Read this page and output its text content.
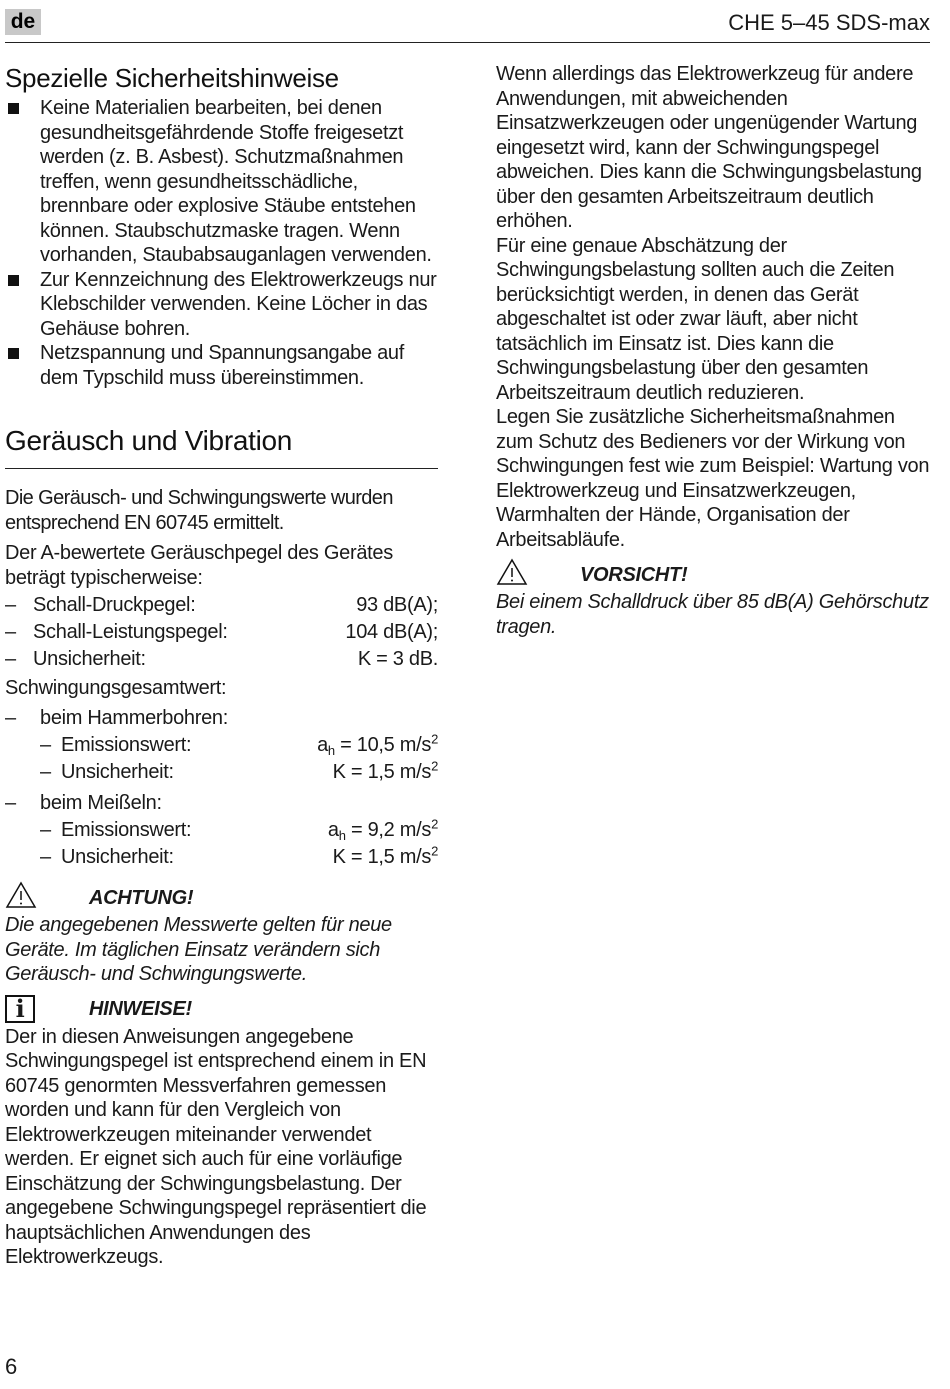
de	CHE 5–45 SDS-max
Spezielle Sicherheitshinweise
Keine Materialien bearbeiten, bei denen gesundheitsgefährdende Stoffe freigesetzt werden (z. B. Asbest). Schutzmaßnahmen treffen, wenn gesundheitsschädliche, brennbare oder explosive Stäube entstehen können. Staubschutzmaske tragen. Wenn vorhanden, Staubabsauganlagen verwenden.
Zur Kennzeichnung des Elektrowerkzeugs nur Klebschilder verwenden. Keine Löcher in das Gehäuse bohren.
Netzspannung und Spannungsangabe auf dem Typschild muss übereinstimmen.
Geräusch und Vibration

Die Geräusch- und Schwingungswerte wurden entsprechend EN 60745 ermittelt.

Der A-bewertete Geräuschpegel des Gerätes beträgt typischerweise:

– Schall-Druckpegel:	93 dB(A);
– Schall-Leistungspegel:	104 dB(A);
– Unsicherheit:	K = 3 dB.
Schwingungsgesamtwert:
–	beim Hammerbohren:
– Emissionswert:	$a_h = 10,5$ $m/s^2$
– Unsicherheit:	K = 1,5 $m/s^2$
–	beim Meißeln:
– Emissionswert:	$a_h = 9,2$ $m/s^2$
– Unsicherheit:	K = 1,5 $m/s^2$
ACHTUNG!

Die angegebenen Messwerte gelten für neue Geräte. Im täglichen Einsatz verändern sich Geräusch- und Schwingungswerte.

i	HINWEISE!

Der in diesen Anweisungen angegebene Schwingungspegel ist entsprechend einem in EN 60745 genormten Messverfahren gemessen worden und kann für den Vergleich von Elektrowerkzeugen miteinander verwendet werden. Er eignet sich auch für eine vorläufige Einschätzung der Schwingungsbelastung. Der angegebene Schwingungspegel repräsentiert die hauptsächlichen Anwendungen des Elektrowerkzeugs.

Wenn allerdings das Elektrowerkzeug für andere Anwendungen, mit abweichenden Einsatzwerkzeugen oder ungenügender Wartung eingesetzt wird, kann der Schwingungspegel abweichen. Dies kann die Schwingungsbelastung über den gesamten Arbeitszeitraum deutlich erhöhen.

Für eine genaue Abschätzung der Schwingungsbelastung sollten auch die Zeiten berücksichtigt werden, in denen das Gerät abgeschaltet ist oder zwar läuft, aber nicht tatsächlich im Einsatz ist. Dies kann die Schwingungsbelastung über den gesamten Arbeitszeitraum deutlich reduzieren.

Legen Sie zusätzliche Sicherheitsmaßnahmen zum Schutz des Bedieners vor der Wirkung von Schwingungen fest wie zum Beispiel: Wartung von Elektrowerkzeug und Einsatzwerkzeugen, Warmhalten der Hände, Organisation der Arbeitsabläufe.

VORSICHT!

Bei einem Schalldruck über 85 dB(A) Gehörschutz tragen.

6
